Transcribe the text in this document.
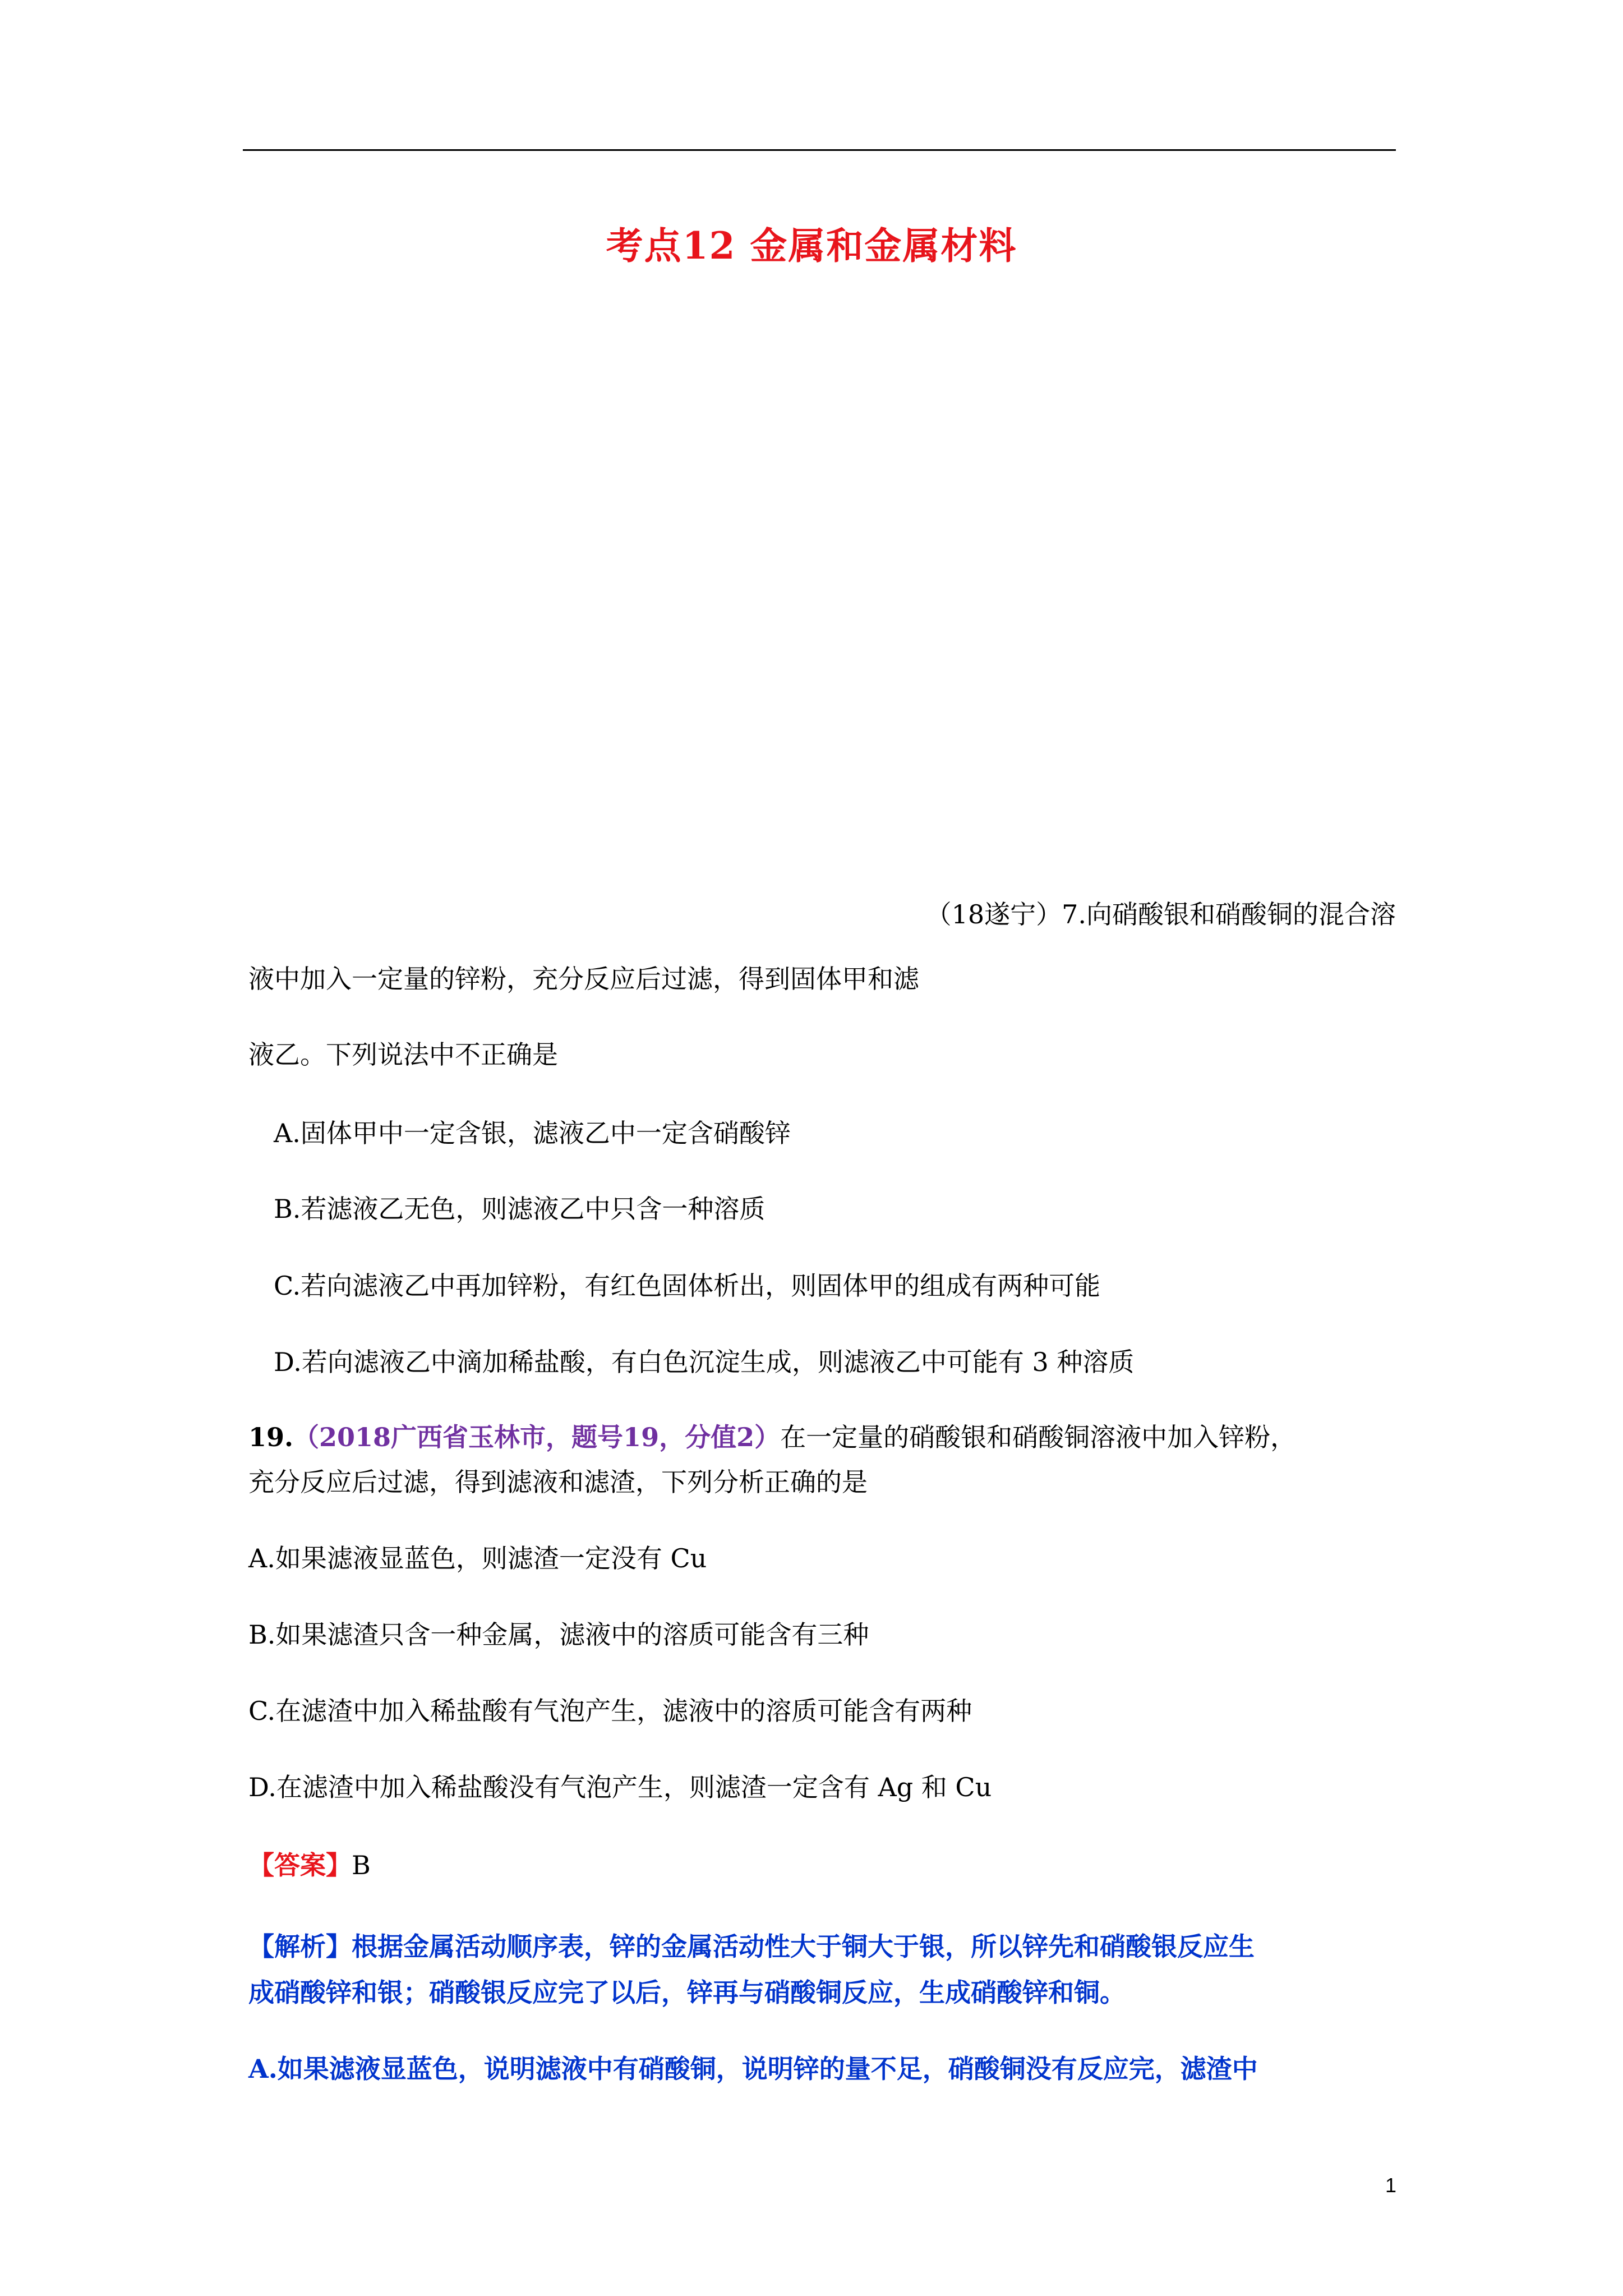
考点12 金属和金属材料
（18遂宁）7.向硝酸银和硝酸铜的混合溶
液中加入一定量的锌粉，充分反应后过滤，得到固体甲和滤
液乙。下列说法中不正确是
A.固体甲中一定含银，滤液乙中一定含硝酸锌
B.若滤液乙无色，则滤液乙中只含一种溶质
C.若向滤液乙中再加锌粉，有红色固体析出，则固体甲的组成有两种可能
D.若向滤液乙中滴加稀盐酸，有白色沉淀生成，则滤液乙中可能有 3 种溶质
19.（2018广西省玉林市，题号19，分值2）在一定量的硝酸银和硝酸铜溶液中加入锌粉，
充分反应后过滤，得到滤液和滤渣，下列分析正确的是
A.如果滤液显蓝色，则滤渣一定没有 Cu
B.如果滤渣只含一种金属，滤液中的溶质可能含有三种
C.在滤渣中加入稀盐酸有气泡产生，滤液中的溶质可能含有两种
D.在滤渣中加入稀盐酸没有气泡产生，则滤渣一定含有 Ag 和 Cu
【答案】B
【解析】根据金属活动顺序表，锌的金属活动性大于铜大于银，所以锌先和硝酸银反应生
成硝酸锌和银；硝酸银反应完了以后，锌再与硝酸铜反应，生成硝酸锌和铜。
A.如果滤液显蓝色，说明滤液中有硝酸铜，说明锌的量不足，硝酸铜没有反应完，滤渣中
1
